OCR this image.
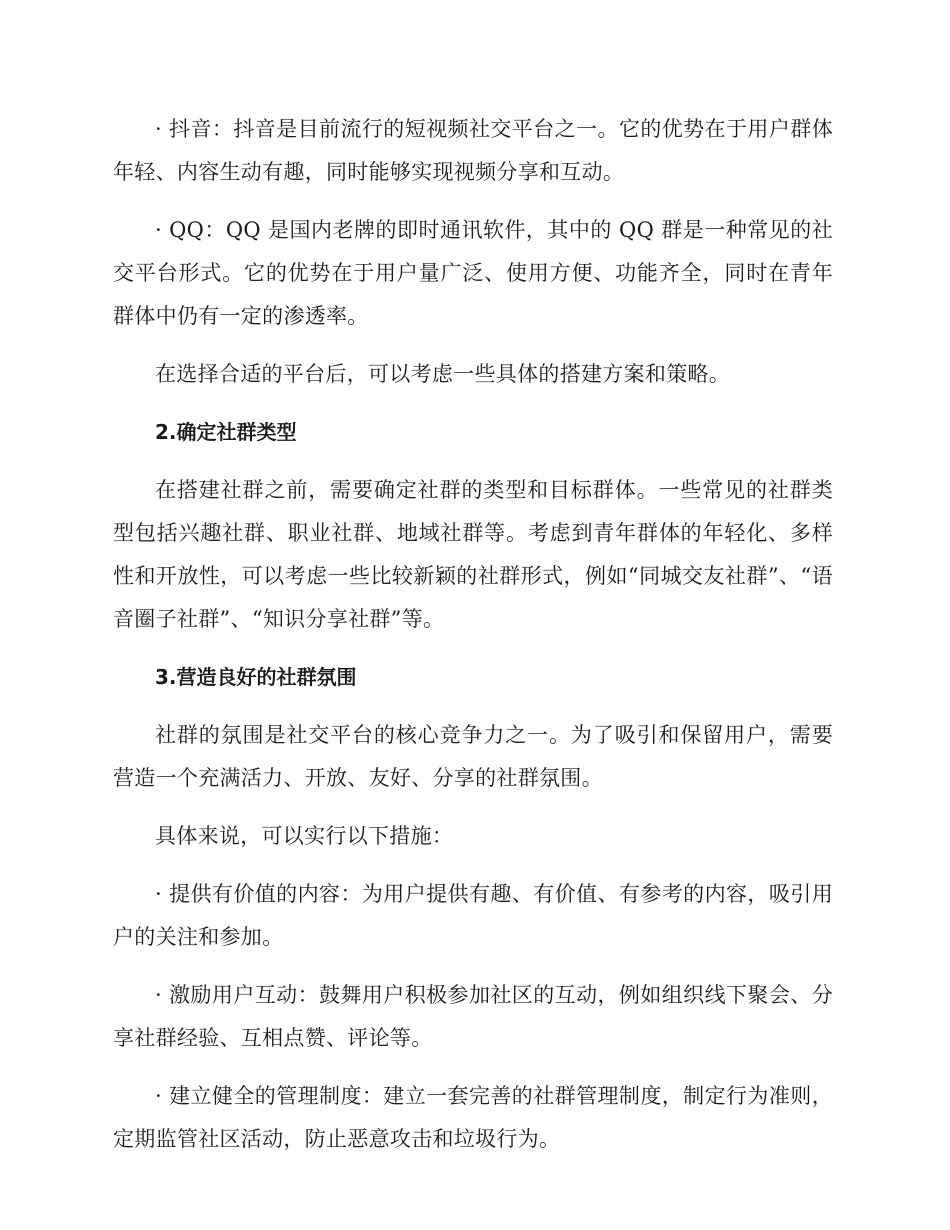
· 抖音：抖音是目前流行的短视频社交平台之一。它的优势在于用户群体年轻、内容生动有趣，同时能够实现视频分享和互动。

· QQ：QQ 是国内老牌的即时通讯软件，其中的 QQ 群是一种常见的社交平台形式。它的优势在于用户量广泛、使用方便、功能齐全，同时在青年群体中仍有一定的渗透率。

在选择合适的平台后，可以考虑一些具体的搭建方案和策略。

2.确定社群类型

在搭建社群之前，需要确定社群的类型和目标群体。一些常见的社群类型包括兴趣社群、职业社群、地域社群等。考虑到青年群体的年轻化、多样性和开放性，可以考虑一些比较新颖的社群形式，例如“同城交友社群”、“语音圈子社群”、“知识分享社群”等。

3.营造良好的社群氛围

社群的氛围是社交平台的核心竞争力之一。为了吸引和保留用户，需要营造一个充满活力、开放、友好、分享的社群氛围。

具体来说，可以实行以下措施：

· 提供有价值的内容：为用户提供有趣、有价值、有参考的内容，吸引用户的关注和参加。

· 激励用户互动：鼓舞用户积极参加社区的互动，例如组织线下聚会、分享社群经验、互相点赞、评论等。

· 建立健全的管理制度：建立一套完善的社群管理制度，制定行为准则，定期监管社区活动，防止恶意攻击和垃圾行为。
